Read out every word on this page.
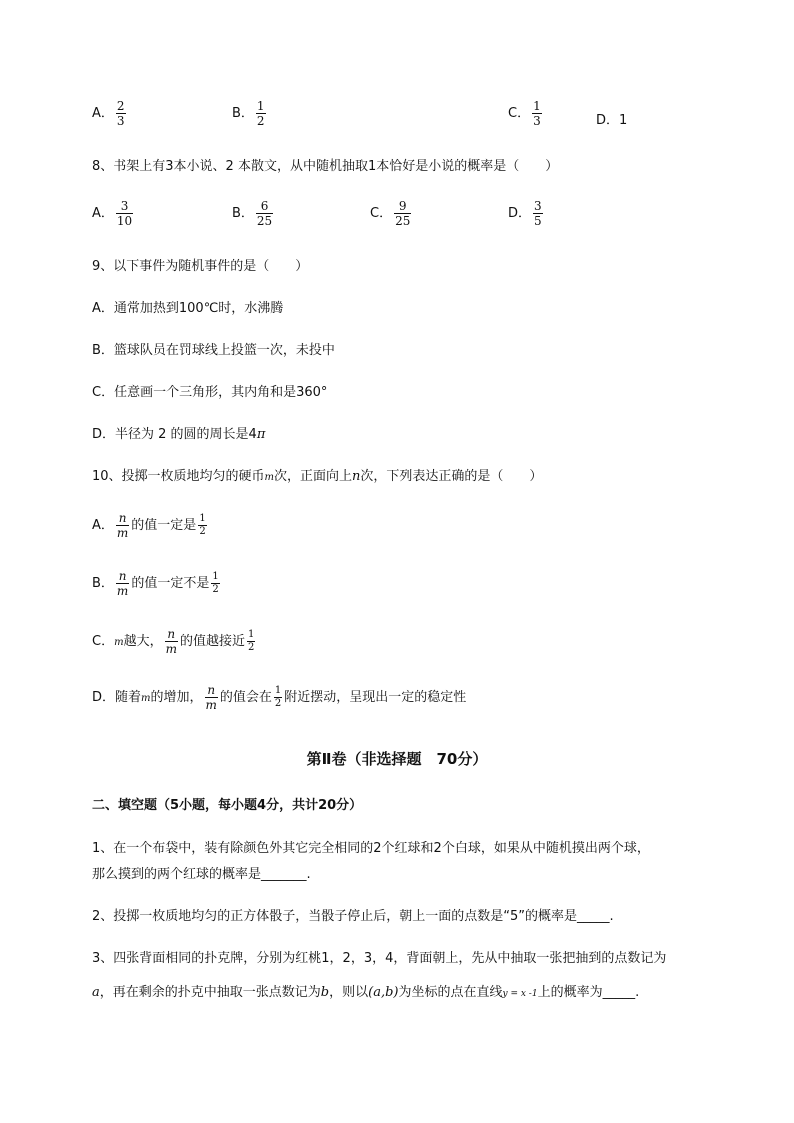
A． $\frac{2}{3}$	B． $\frac{1}{2}$	C． $\frac{1}{3}$	D．1
8、书架上有3本小说、2 本散文，从中随机抽取1本恰好是小说的概率是（　　）
A． $\frac{3}{10}$	B． $\frac{6}{25}$	C． $\frac{9}{25}$	D． $\frac{3}{5}$
9、以下事件为随机事件的是（　　）
A．通常加热到100℃时，水沸腾
B．篮球队员在罚球线上投篮一次，未投中
C．任意画一个三角形，其内角和是360°
D．半径为 2 的圆的周长是4π
10、投掷一枚质地均匀的硬币m次，正面向上n次，下列表达正确的是（　　）
A． $\frac{n}{m}$ 的值一定是 $\frac{1}{2}$
B． $\frac{n}{m}$ 的值一定不是 $\frac{1}{2}$
C．m越大， $\frac{n}{m}$ 的值越接近 $\frac{1}{2}$
D．随着m的增加， $\frac{n}{m}$ 的值会在 $\frac{1}{2}$ 附近摆动，呈现出一定的稳定性
第Ⅱ卷（非选择题　70分）
二、填空题（5小题，每小题4分，共计20分）
1、在一个布袋中，装有除颜色外其它完全相同的2个红球和2个白球，如果从中随机摸出两个球，
那么摸到的两个红球的概率是_______.
2、投掷一枚质地均匀的正方体骰子，当骰子停止后，朝上一面的点数是“5”的概率是_____.
3、四张背面相同的扑克牌，分别为红桃1，2，3，4，背面朝上，先从中抽取一张把抽到的点数记为
a，再在剩余的扑克中抽取一张点数记为b，则以(a,b)为坐标的点在直线y = x -1上的概率为_____.
